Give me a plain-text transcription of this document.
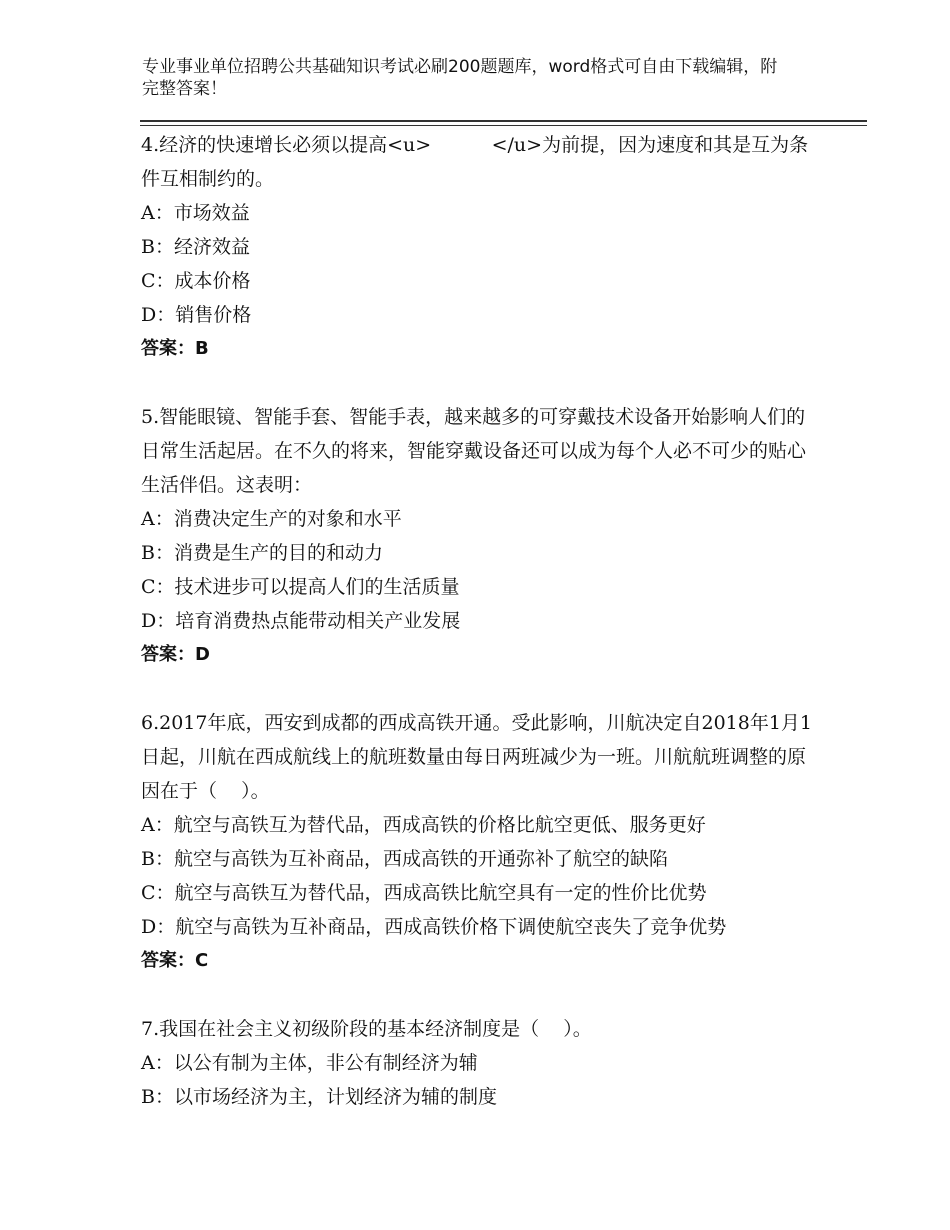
专业事业单位招聘公共基础知识考试必刷200题题库，word格式可自由下载编辑，附完整答案！
4.经济的快速增长必须以提高<u>          </u>为前提，因为速度和其是互为条件互相制约的。
A：市场效益
B：经济效益
C：成本价格
D：销售价格
答案：B
5.智能眼镜、智能手套、智能手表，越来越多的可穿戴技术设备开始影响人们的日常生活起居。在不久的将来，智能穿戴设备还可以成为每个人必不可少的贴心生活伴侣。这表明：
A：消费决定生产的对象和水平
B：消费是生产的目的和动力
C：技术进步可以提高人们的生活质量
D：培育消费热点能带动相关产业发展
答案：D
6.2017年底，西安到成都的西成高铁开通。受此影响，川航决定自2018年1月1日起，川航在西成航线上的航班数量由每日两班减少为一班。川航航班调整的原因在于（    ）。
A：航空与高铁互为替代品，西成高铁的价格比航空更低、服务更好
B：航空与高铁为互补商品，西成高铁的开通弥补了航空的缺陷
C：航空与高铁互为替代品，西成高铁比航空具有一定的性价比优势
D：航空与高铁为互补商品，西成高铁价格下调使航空丧失了竞争优势
答案：C
7.我国在社会主义初级阶段的基本经济制度是（    ）。
A：以公有制为主体，非公有制经济为辅
B：以市场经济为主，计划经济为辅的制度
